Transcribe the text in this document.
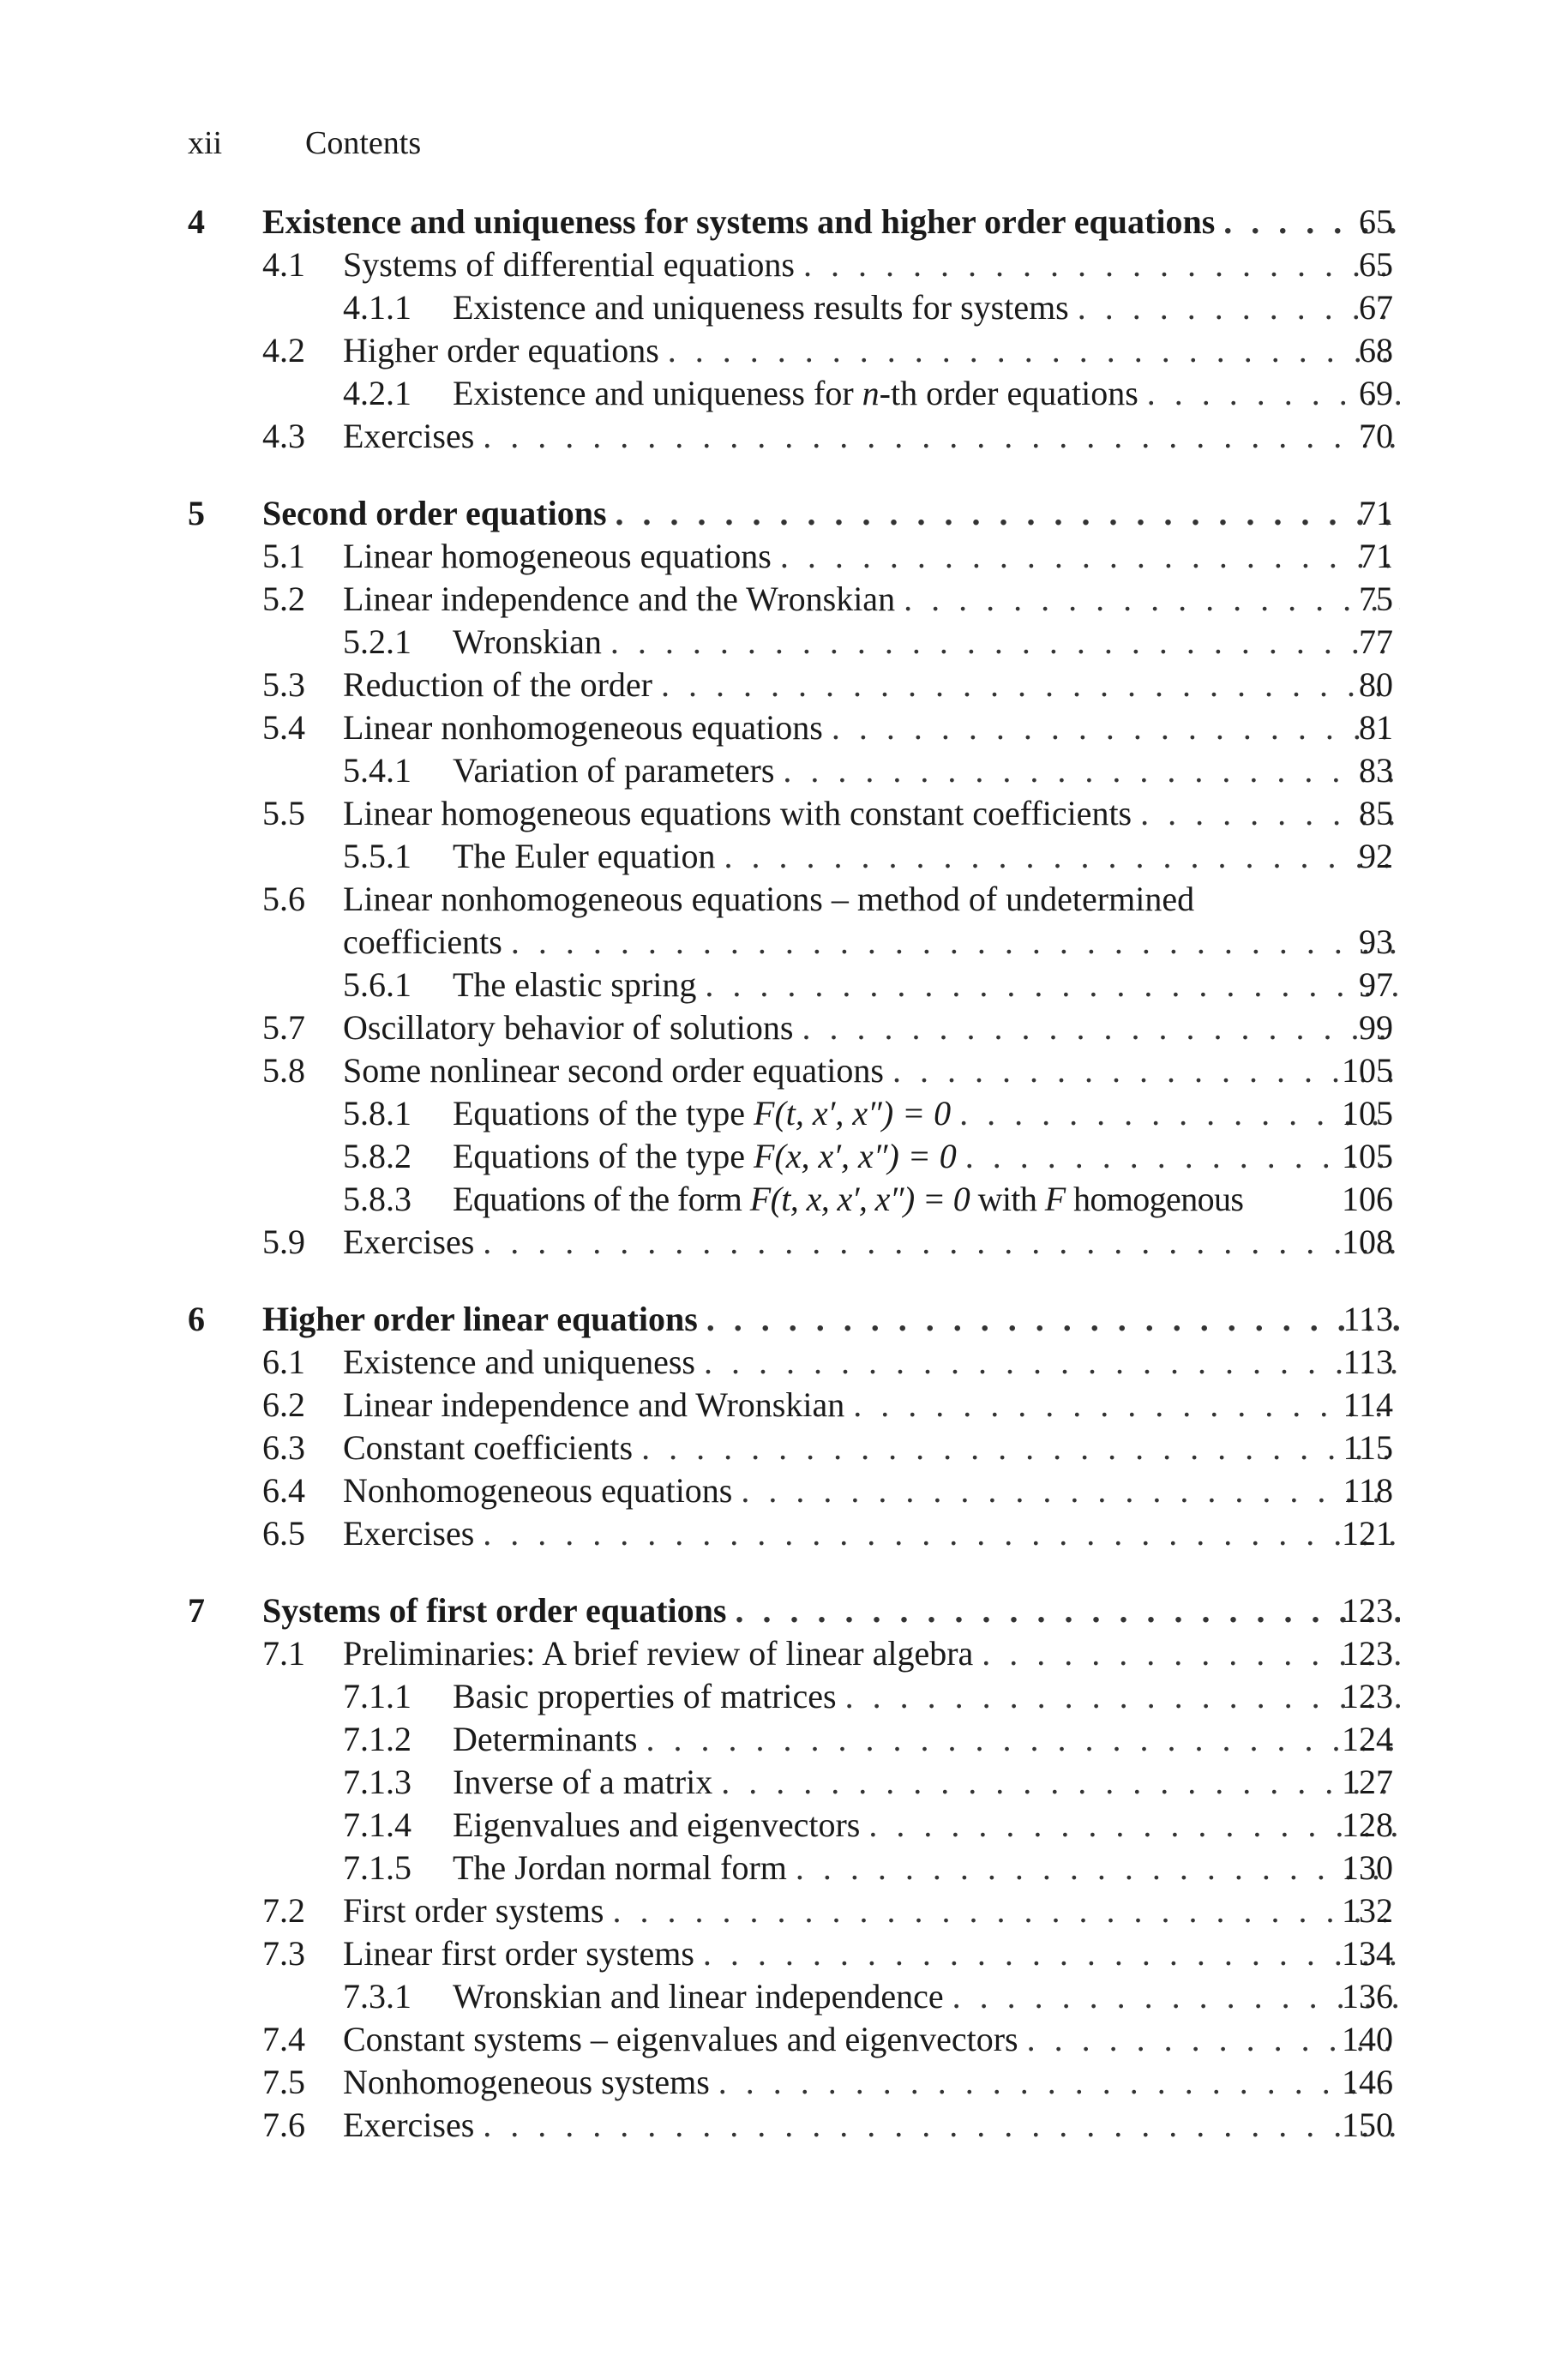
xii	Contents
4 Existence and uniqueness for systems and higher order equations . . .	65
4.1 Systems of differential equations . . .	65
4.1.1 Existence and uniqueness results for systems . . .	67
4.2 Higher order equations . . .	68
4.2.1 Existence and uniqueness for n-th order equations . . .	69
4.3 Exercises . . .	70
5 Second order equations . . .	71
5.1 Linear homogeneous equations . . .	71
5.2 Linear independence and the Wronskian . . .	75
5.2.1 Wronskian . . .	77
5.3 Reduction of the order . . .	80
5.4 Linear nonhomogeneous equations . . .	81
5.4.1 Variation of parameters . . .	83
5.5 Linear homogeneous equations with constant coefficients . . .	85
5.5.1 The Euler equation . . .	92
5.6 Linear nonhomogeneous equations – method of undetermined
coefficients . . .	93
5.6.1 The elastic spring . . .	97
5.7 Oscillatory behavior of solutions . . .	99
5.8 Some nonlinear second order equations . . .	105
5.8.1 Equations of the type F(t, x′, x″) = 0 . . .	105
5.8.2 Equations of the type F(x, x′, x″) = 0 . . .	105
5.8.3 Equations of the form F(t, x, x′, x″) = 0 with F homogenous	106
5.9 Exercises . . .	108
6 Higher order linear equations . . .	113
6.1 Existence and uniqueness . . .	113
6.2 Linear independence and Wronskian . . .	114
6.3 Constant coefficients . . .	115
6.4 Nonhomogeneous equations . . .	118
6.5 Exercises . . .	121
7 Systems of first order equations . . .	123
7.1 Preliminaries: A brief review of linear algebra . . .	123
7.1.1 Basic properties of matrices . . .	123
7.1.2 Determinants . . .	124
7.1.3 Inverse of a matrix . . .	127
7.1.4 Eigenvalues and eigenvectors . . .	128
7.1.5 The Jordan normal form . . .	130
7.2 First order systems . . .	132
7.3 Linear first order systems . . .	134
7.3.1 Wronskian and linear independence . . .	136
7.4 Constant systems – eigenvalues and eigenvectors . . .	140
7.5 Nonhomogeneous systems . . .	146
7.6 Exercises . . .	150
